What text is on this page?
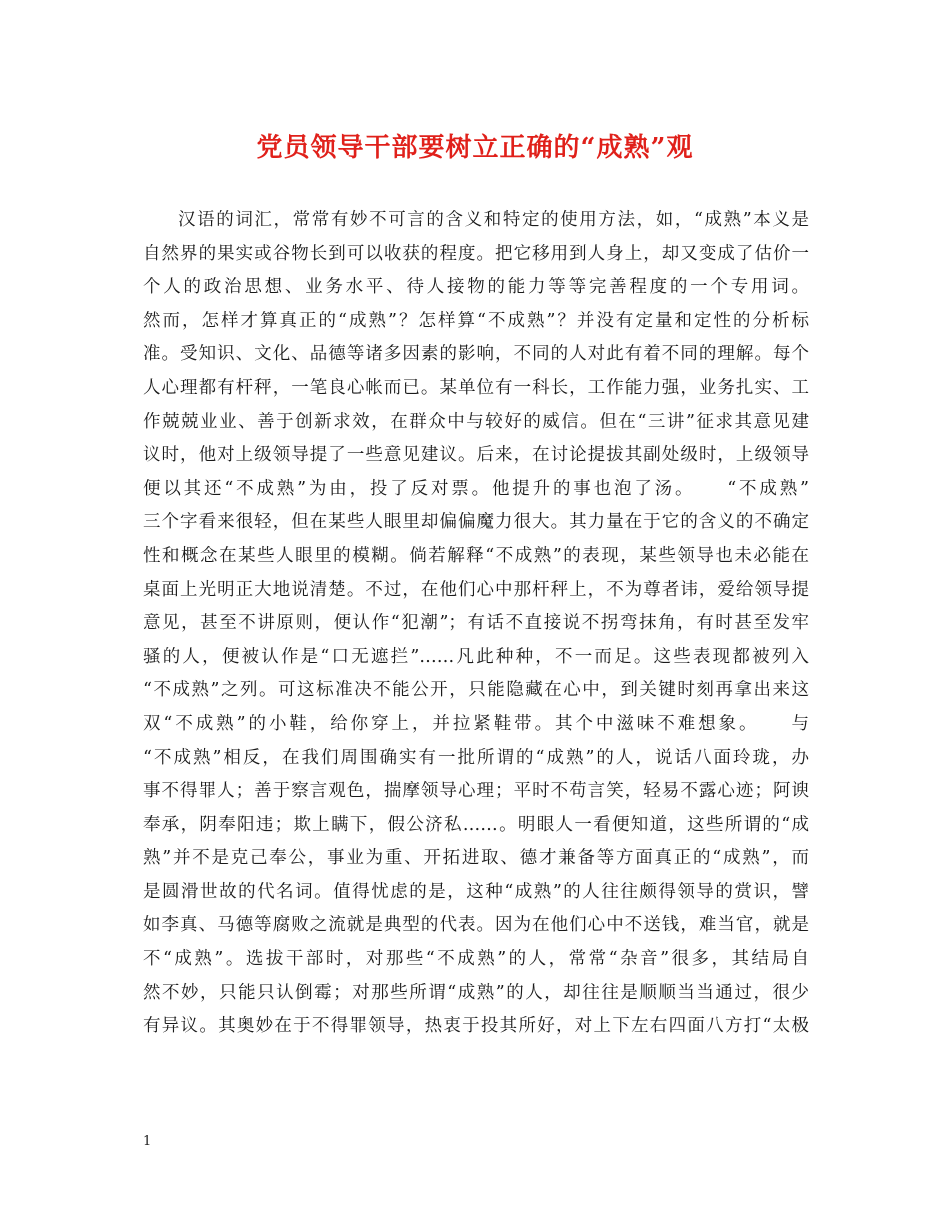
党员领导干部要树立正确的“成熟”观
汉语的词汇，常常有妙不可言的含义和特定的使用方法，如，“成熟”本义是
自然界的果实或谷物长到可以收获的程度。把它移用到人身上，却又变成了估价一
个人的政治思想、业务水平、待人接物的能力等等完善程度的一个专用词。
然而，怎样才算真正的“成熟”？怎样算“不成熟”？并没有定量和定性的分析标
准。受知识、文化、品德等诸多因素的影响，不同的人对此有着不同的理解。每个
人心理都有杆秤，一笔良心帐而已。某单位有一科长，工作能力强，业务扎实、工
作兢兢业业、善于创新求效，在群众中与较好的威信。但在“三讲”征求其意见建
议时，他对上级领导提了一些意见建议。后来，在讨论提拔其副处级时，上级领导
便以其还“不成熟”为由，投了反对票。他提升的事也泡了汤。　　“不成熟”
三个字看来很轻，但在某些人眼里却偏偏魔力很大。其力量在于它的含义的不确定
性和概念在某些人眼里的模糊。倘若解释“不成熟”的表现，某些领导也未必能在
桌面上光明正大地说清楚。不过，在他们心中那杆秤上，不为尊者讳，爱给领导提
意见，甚至不讲原则，便认作“犯潮”；有话不直接说不拐弯抹角，有时甚至发牢
骚的人，便被认作是“口无遮拦”……凡此种种，不一而足。这些表现都被列入
“不成熟”之列。可这标准决不能公开，只能隐藏在心中，到关键时刻再拿出来这
双“不成熟”的小鞋，给你穿上，并拉紧鞋带。其个中滋味不难想象。　　与
“不成熟”相反，在我们周围确实有一批所谓的“成熟”的人，说话八面玲珑，办
事不得罪人；善于察言观色，揣摩领导心理；平时不苟言笑，轻易不露心迹；阿谀
奉承，阴奉阳违；欺上瞒下，假公济私……。明眼人一看便知道，这些所谓的“成
熟”并不是克己奉公，事业为重、开拓进取、德才兼备等方面真正的“成熟”，而
是圆滑世故的代名词。值得忧虑的是，这种“成熟”的人往往颇得领导的赏识，譬
如李真、马德等腐败之流就是典型的代表。因为在他们心中不送钱，难当官，就是
不“成熟”。选拔干部时，对那些“不成熟”的人，常常“杂音”很多，其结局自
然不妙，只能只认倒霉；对那些所谓“成熟”的人，却往往是顺顺当当通过，很少
有异议。其奥妙在于不得罪领导，热衷于投其所好，对上下左右四面八方打“太极
1
